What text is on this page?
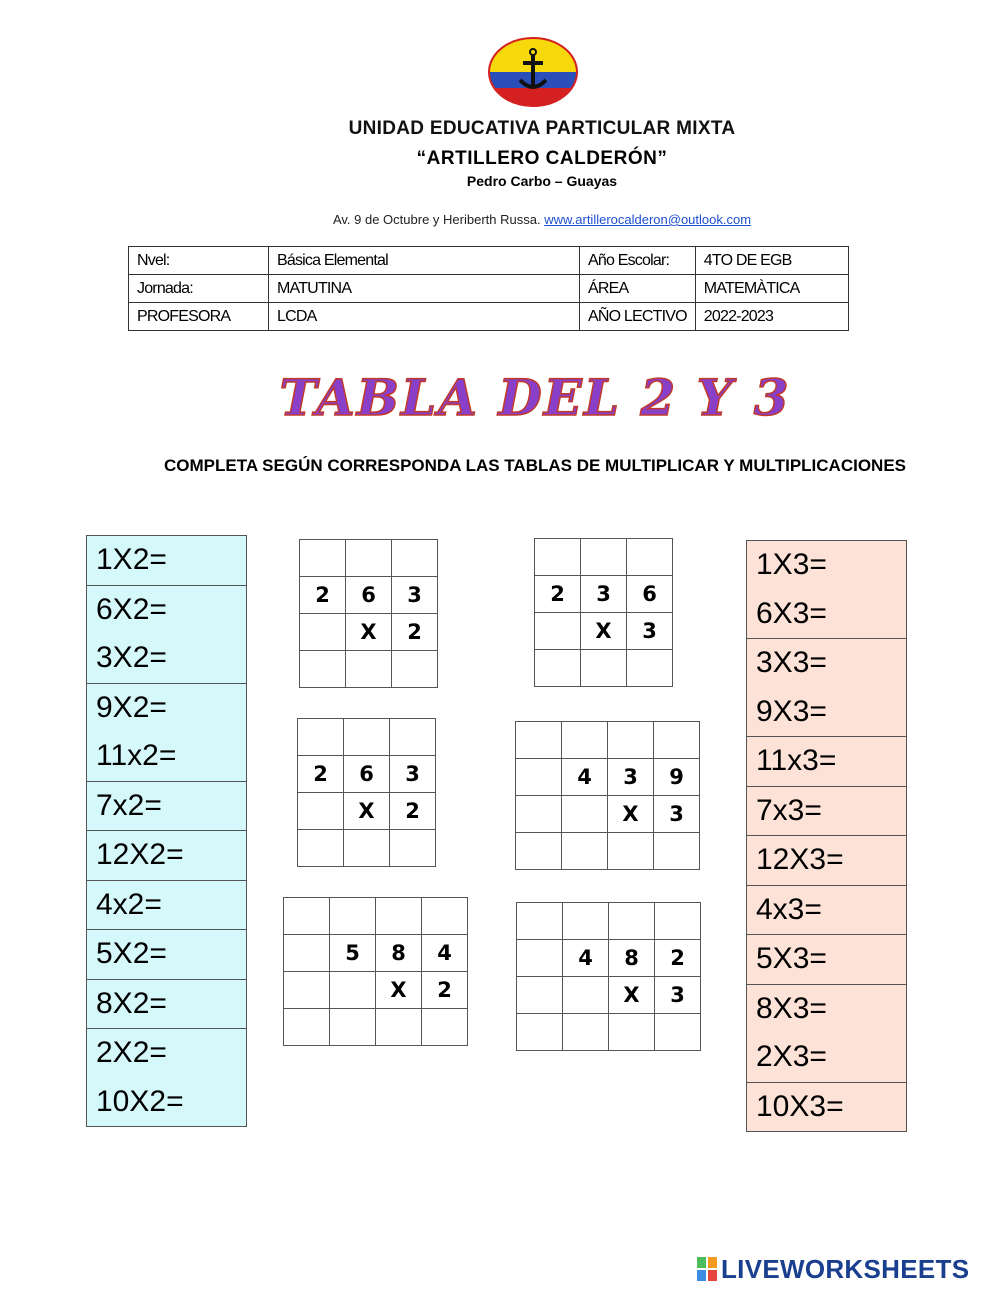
UNIDAD EDUCATIVA PARTICULAR MIXTA
“ARTILLERO CALDERÓN”
Pedro Carbo – Guayas
Av. 9 de Octubre y Heriberth Russa. www.artillerocalderon@outlook.com
Nvel:	Básica Elemental	Año Escolar:	4TO DE EGB
Jornada:	MATUTINA	ÁREA	MATEMÀTICA
PROFESORA	LCDA	AÑO LECTIVO	2022-2023
TABLA DEL 2 Y 3
COMPLETA SEGÚN CORRESPONDA LAS TABLAS DE MULTIPLICAR Y MULTIPLICACIONES
1X2=
6X2=
3X2=
9X2=
11x2=
7x2=
12X2=
4x2=
5X2=
8X2=
2X2=
10X2=
1X3=
6X3=
3X3=
9X3=
11x3=
7x3=
12X3=
4x3=
5X3=
8X3=
2X3=
10X3=

2	6	3
	X	2

2	3	6
	X	3

2	6	3
	X	2

	4	3	9
		X	3

	5	8	4
		X	2

	4	8	2
		X	3

LIVEWORKSHEETS
